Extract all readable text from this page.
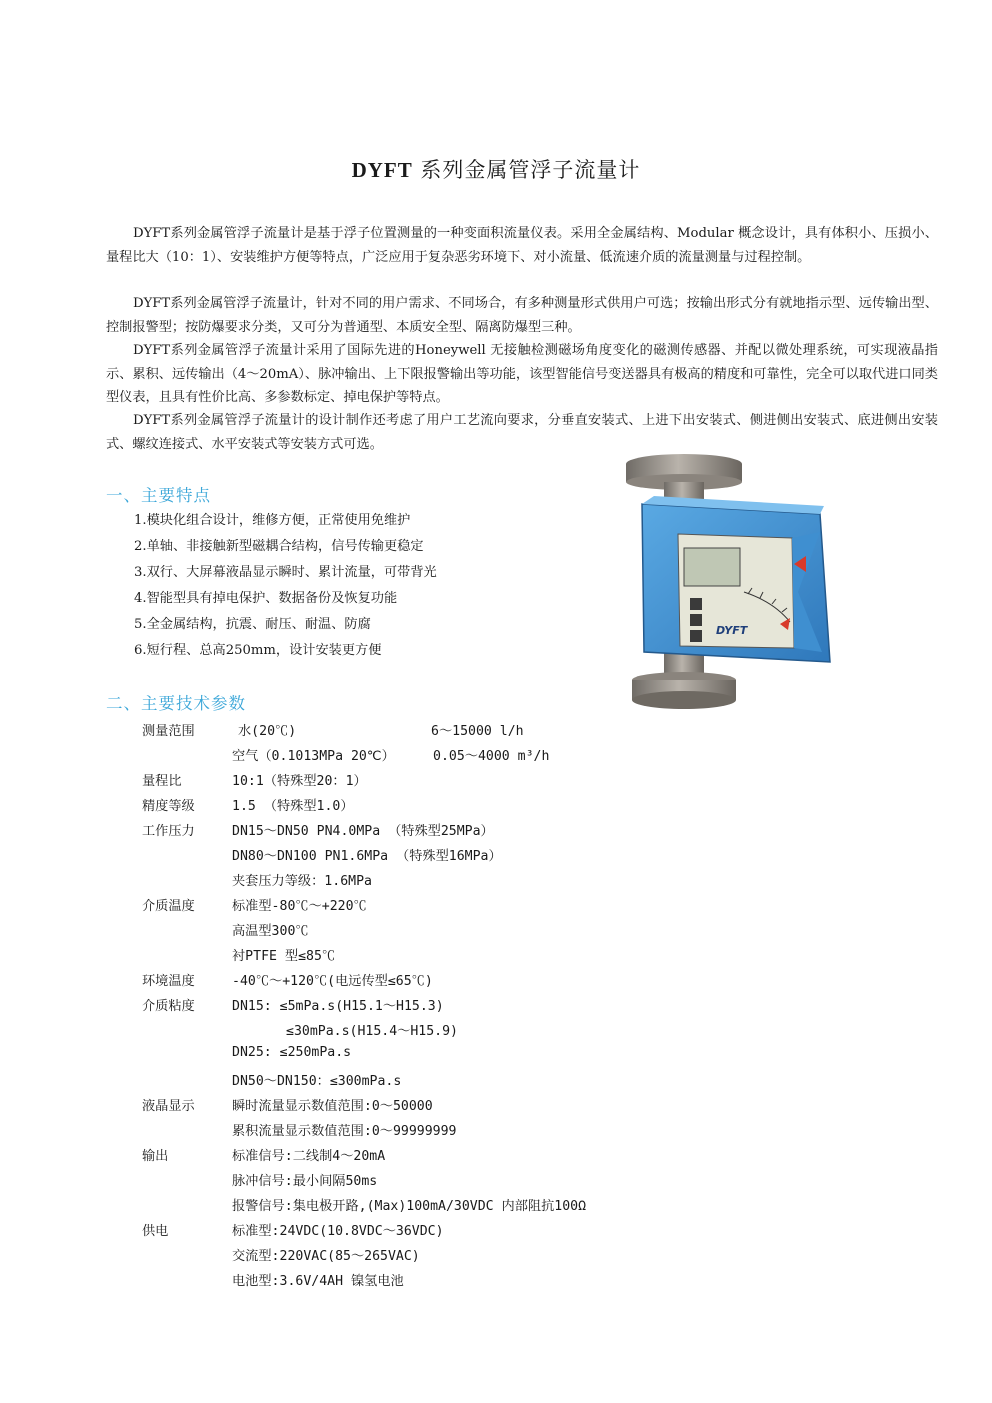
DYFT 系列金属管浮子流量计
DYFT系列金属管浮子流量计是基于浮子位置测量的一种变面积流量仪表。采用全金属结构、Modular 概念设计，具有体积小、压损小、量程比大（10：1）、安装维护方便等特点，广泛应用于复杂恶劣环境下、对小流量、低流速介质的流量测量与过程控制。
DYFT系列金属管浮子流量计，针对不同的用户需求、不同场合，有多种测量形式供用户可选；按输出形式分有就地指示型、远传输出型、控制报警型；按防爆要求分类，又可分为普通型、本质安全型、隔离防爆型三种。
DYFT系列金属管浮子流量计采用了国际先进的Honeywell 无接触检测磁场角度变化的磁测传感器、并配以微处理系统，可实现液晶指示、累积、远传输出（4～20mA）、脉冲输出、上下限报警输出等功能，该型智能信号变送器具有极高的精度和可靠性，完全可以取代进口同类型仪表，且具有性价比高、多参数标定、掉电保护等特点。
DYFT系列金属管浮子流量计的设计制作还考虑了用户工艺流向要求，分垂直安装式、上进下出安装式、侧进侧出安装式、底进侧出安装式、螺纹连接式、水平安装式等安装方式可选。
一、主要特点
1.模块化组合设计，维修方便，正常使用免维护
2.单轴、非接触新型磁耦合结构，信号传输更稳定
3.双行、大屏幕液晶显示瞬时、累计流量，可带背光
4.智能型具有掉电保护、数据备份及恢复功能
5.全金属结构，抗震、耐压、耐温、防腐
6.短行程、总高250mm，设计安装更方便
DYFT
二、主要技术参数
测量范围	水(20℃)	6～15000 l/h
空气（0.1013MPa 20℃）	0.05～4000 m³/h
量程比	10:1（特殊型20：1）
精度等级	1.5 （特殊型1.0）
工作压力	DN15～DN50 PN4.0MPa （特殊型25MPa）
DN80～DN100 PN1.6MPa （特殊型16MPa）
夹套压力等级：1.6MPa
介质温度	标准型-80℃～+220℃
高温型300℃
衬PTFE 型≤85℃
环境温度	-40℃～+120℃(电远传型≤65℃)
介质粘度	DN15: ≤5mPa.s(H15.1～H15.3)
≤30mPa.s(H15.4～H15.9)
DN25: ≤250mPa.s
DN50～DN150：≤300mPa.s
液晶显示	瞬时流量显示数值范围:0～50000
累积流量显示数值范围:0～99999999
输出	标准信号:二线制4～20mA
脉冲信号:最小间隔50ms
报警信号:集电极开路,(Max)100mA/30VDC 内部阻抗100Ω
供电	标准型:24VDC(10.8VDC～36VDC)
交流型:220VAC(85～265VAC)
电池型:3.6V/4AH 镍氢电池
